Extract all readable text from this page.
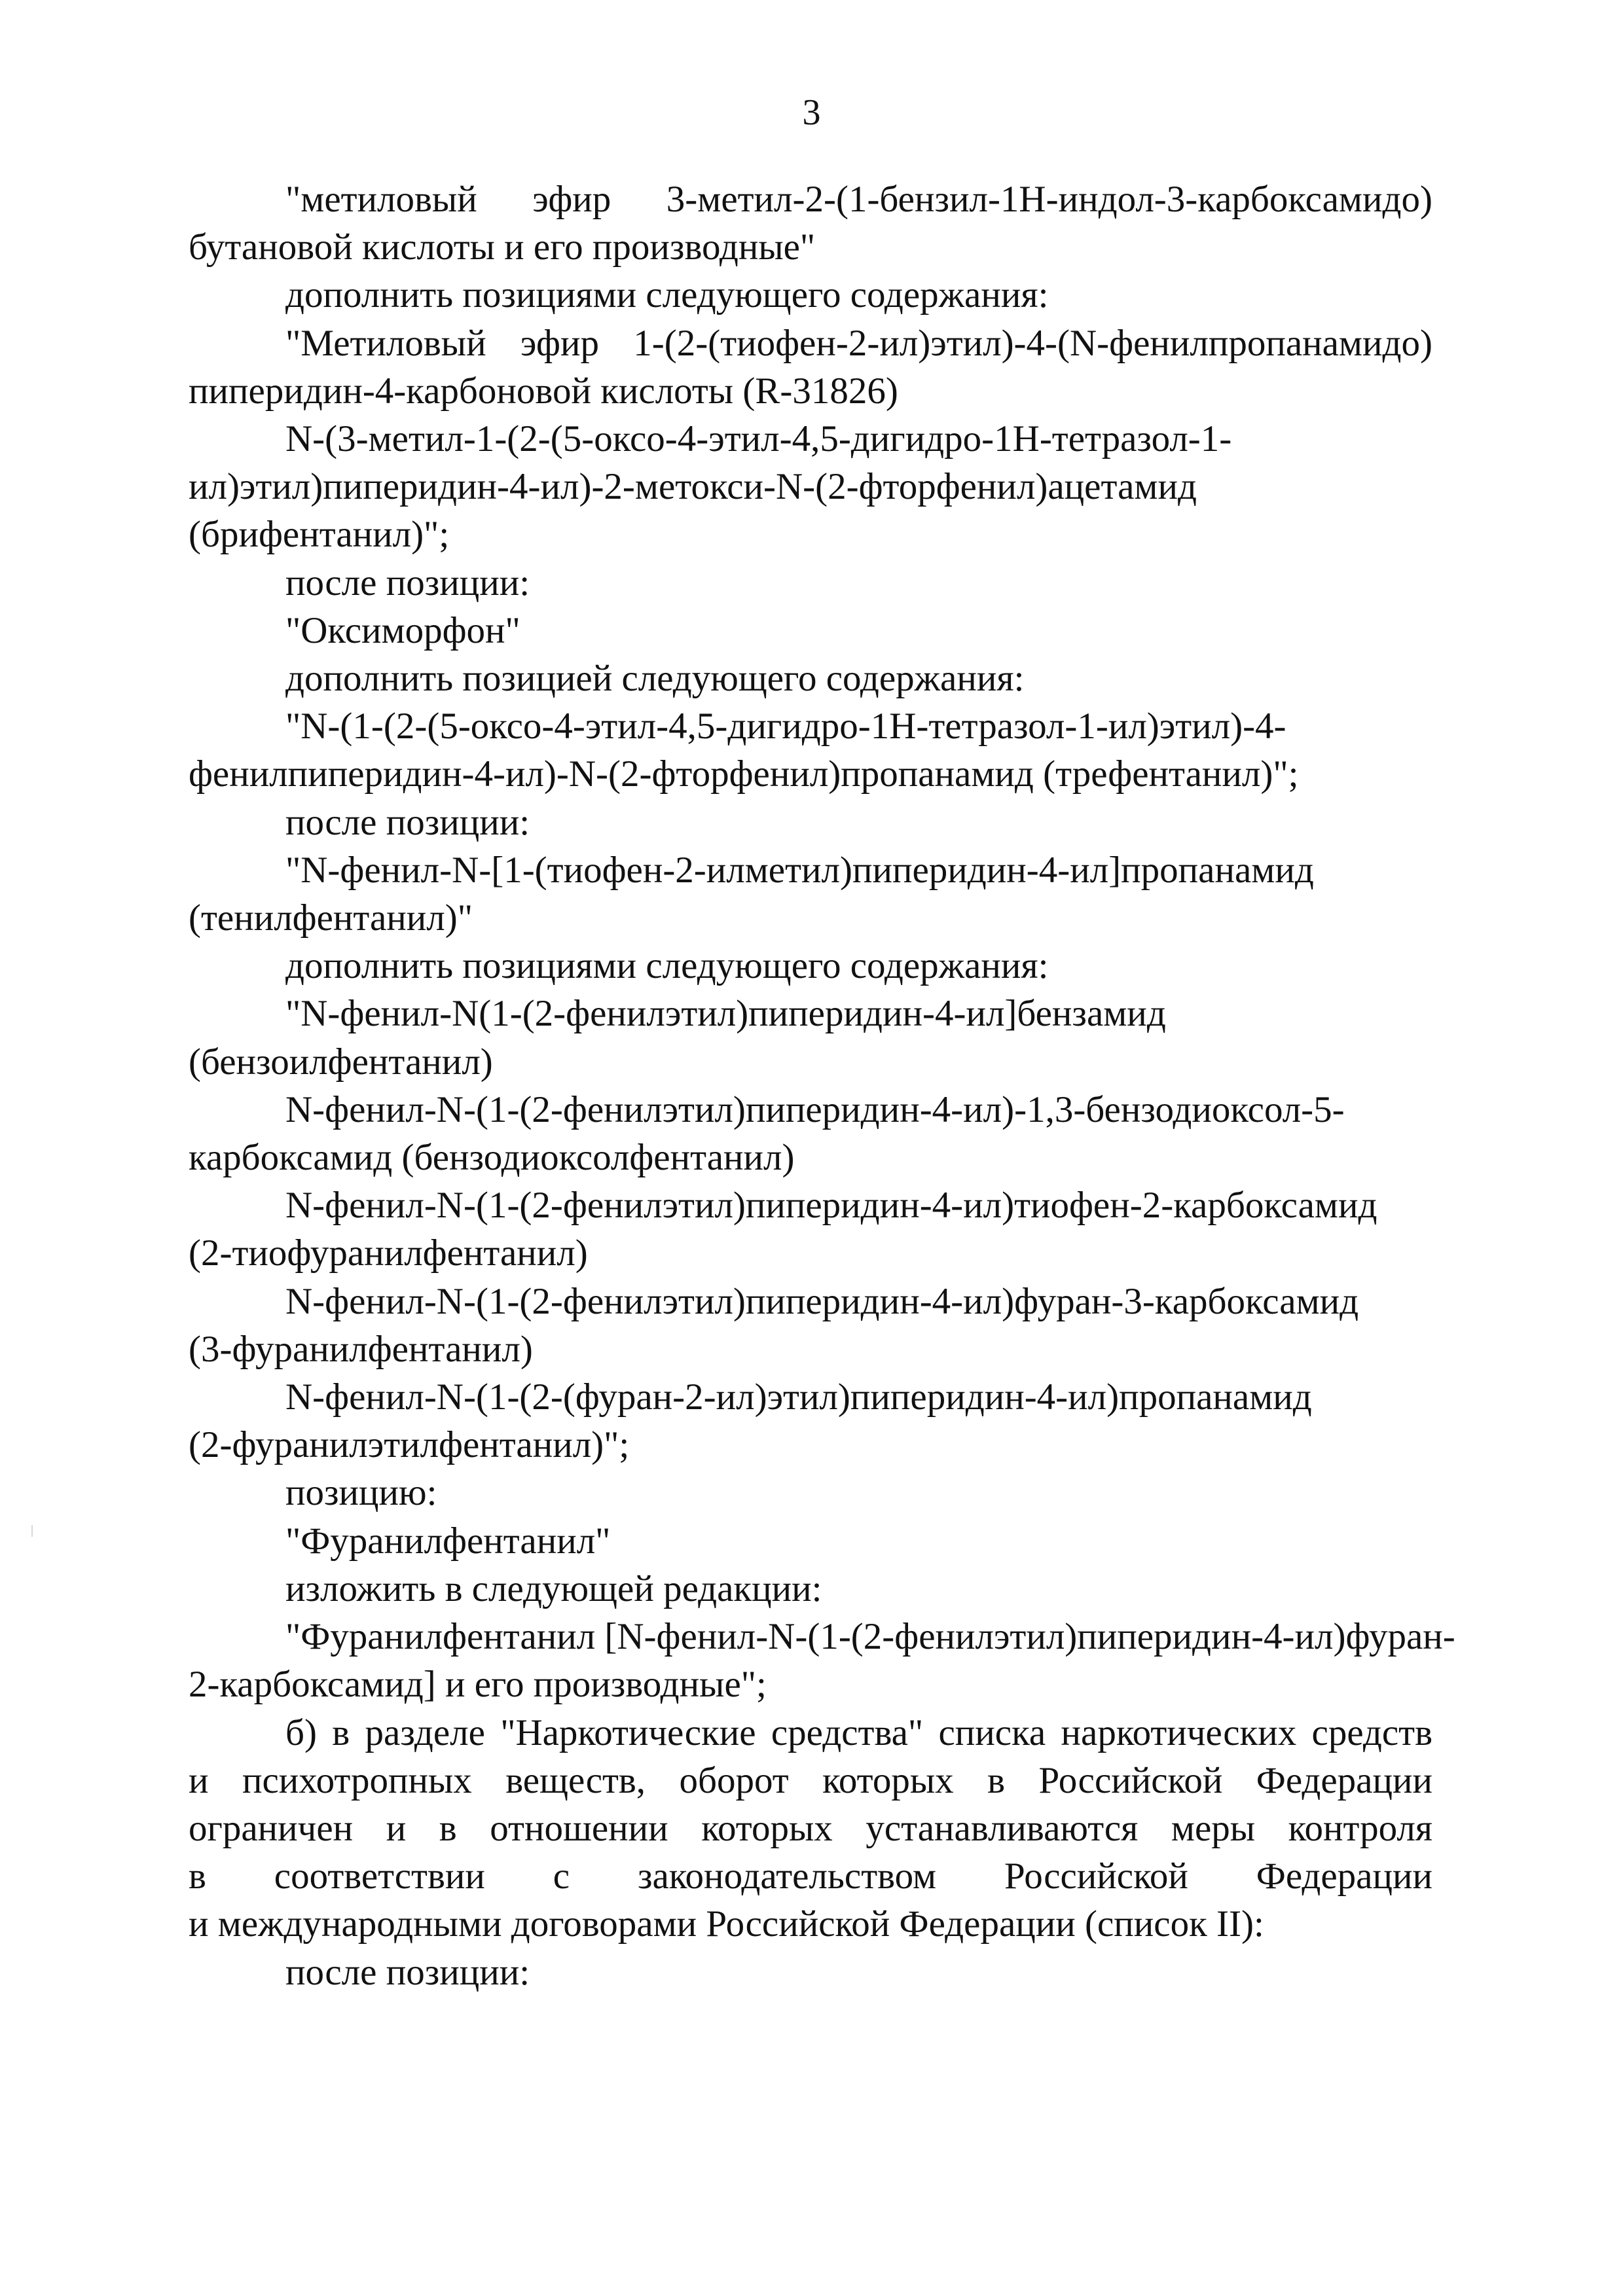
3
"метиловый эфир 3-метил-2-(1-бензил-1Н-индол-3-карбоксамидо)
бутановой кислоты и его производные"
дополнить позициями следующего содержания:
"Метиловый эфир 1-(2-(тиофен-2-ил)этил)-4-(N-фенилпропанамидо)
пиперидин-4-карбоновой кислоты (R-31826)
N-(3-метил-1-(2-(5-оксо-4-этил-4,5-дигидро-1Н-тетразол-1-
ил)этил)пиперидин-4-ил)-2-метокси-N-(2-фторфенил)ацетамид
(брифентанил)";
после позиции:
"Оксиморфон"
дополнить позицией следующего содержания:
"N-(1-(2-(5-оксо-4-этил-4,5-дигидро-1Н-тетразол-1-ил)этил)-4-
фенилпиперидин-4-ил)-N-(2-фторфенил)пропанамид (трефентанил)";
после позиции:
"N-фенил-N-[1-(тиофен-2-илметил)пиперидин-4-ил]пропанамид
(тенилфентанил)"
дополнить позициями следующего содержания:
"N-фенил-N(1-(2-фенилэтил)пиперидин-4-ил]бензамид
(бензоилфентанил)
N-фенил-N-(1-(2-фенилэтил)пиперидин-4-ил)-1,3-бензодиоксол-5-
карбоксамид (бензодиоксолфентанил)
N-фенил-N-(1-(2-фенилэтил)пиперидин-4-ил)тиофен-2-карбоксамид
(2-тиофуранилфентанил)
N-фенил-N-(1-(2-фенилэтил)пиперидин-4-ил)фуран-3-карбоксамид
(3-фуранилфентанил)
N-фенил-N-(1-(2-(фуран-2-ил)этил)пиперидин-4-ил)пропанамид
(2-фуранилэтилфентанил)";
позицию:
"Фуранилфентанил"
изложить в следующей редакции:
"Фуранилфентанил [N-фенил-N-(1-(2-фенилэтил)пиперидин-4-ил)фуран-
2-карбоксамид] и его производные";
б) в разделе "Наркотические средства" списка наркотических средств
и психотропных веществ, оборот которых в Российской Федерации
ограничен и в отношении которых устанавливаются меры контроля
в соответствии с законодательством Российской Федерации
и международными договорами Российской Федерации (список II):
после позиции:
